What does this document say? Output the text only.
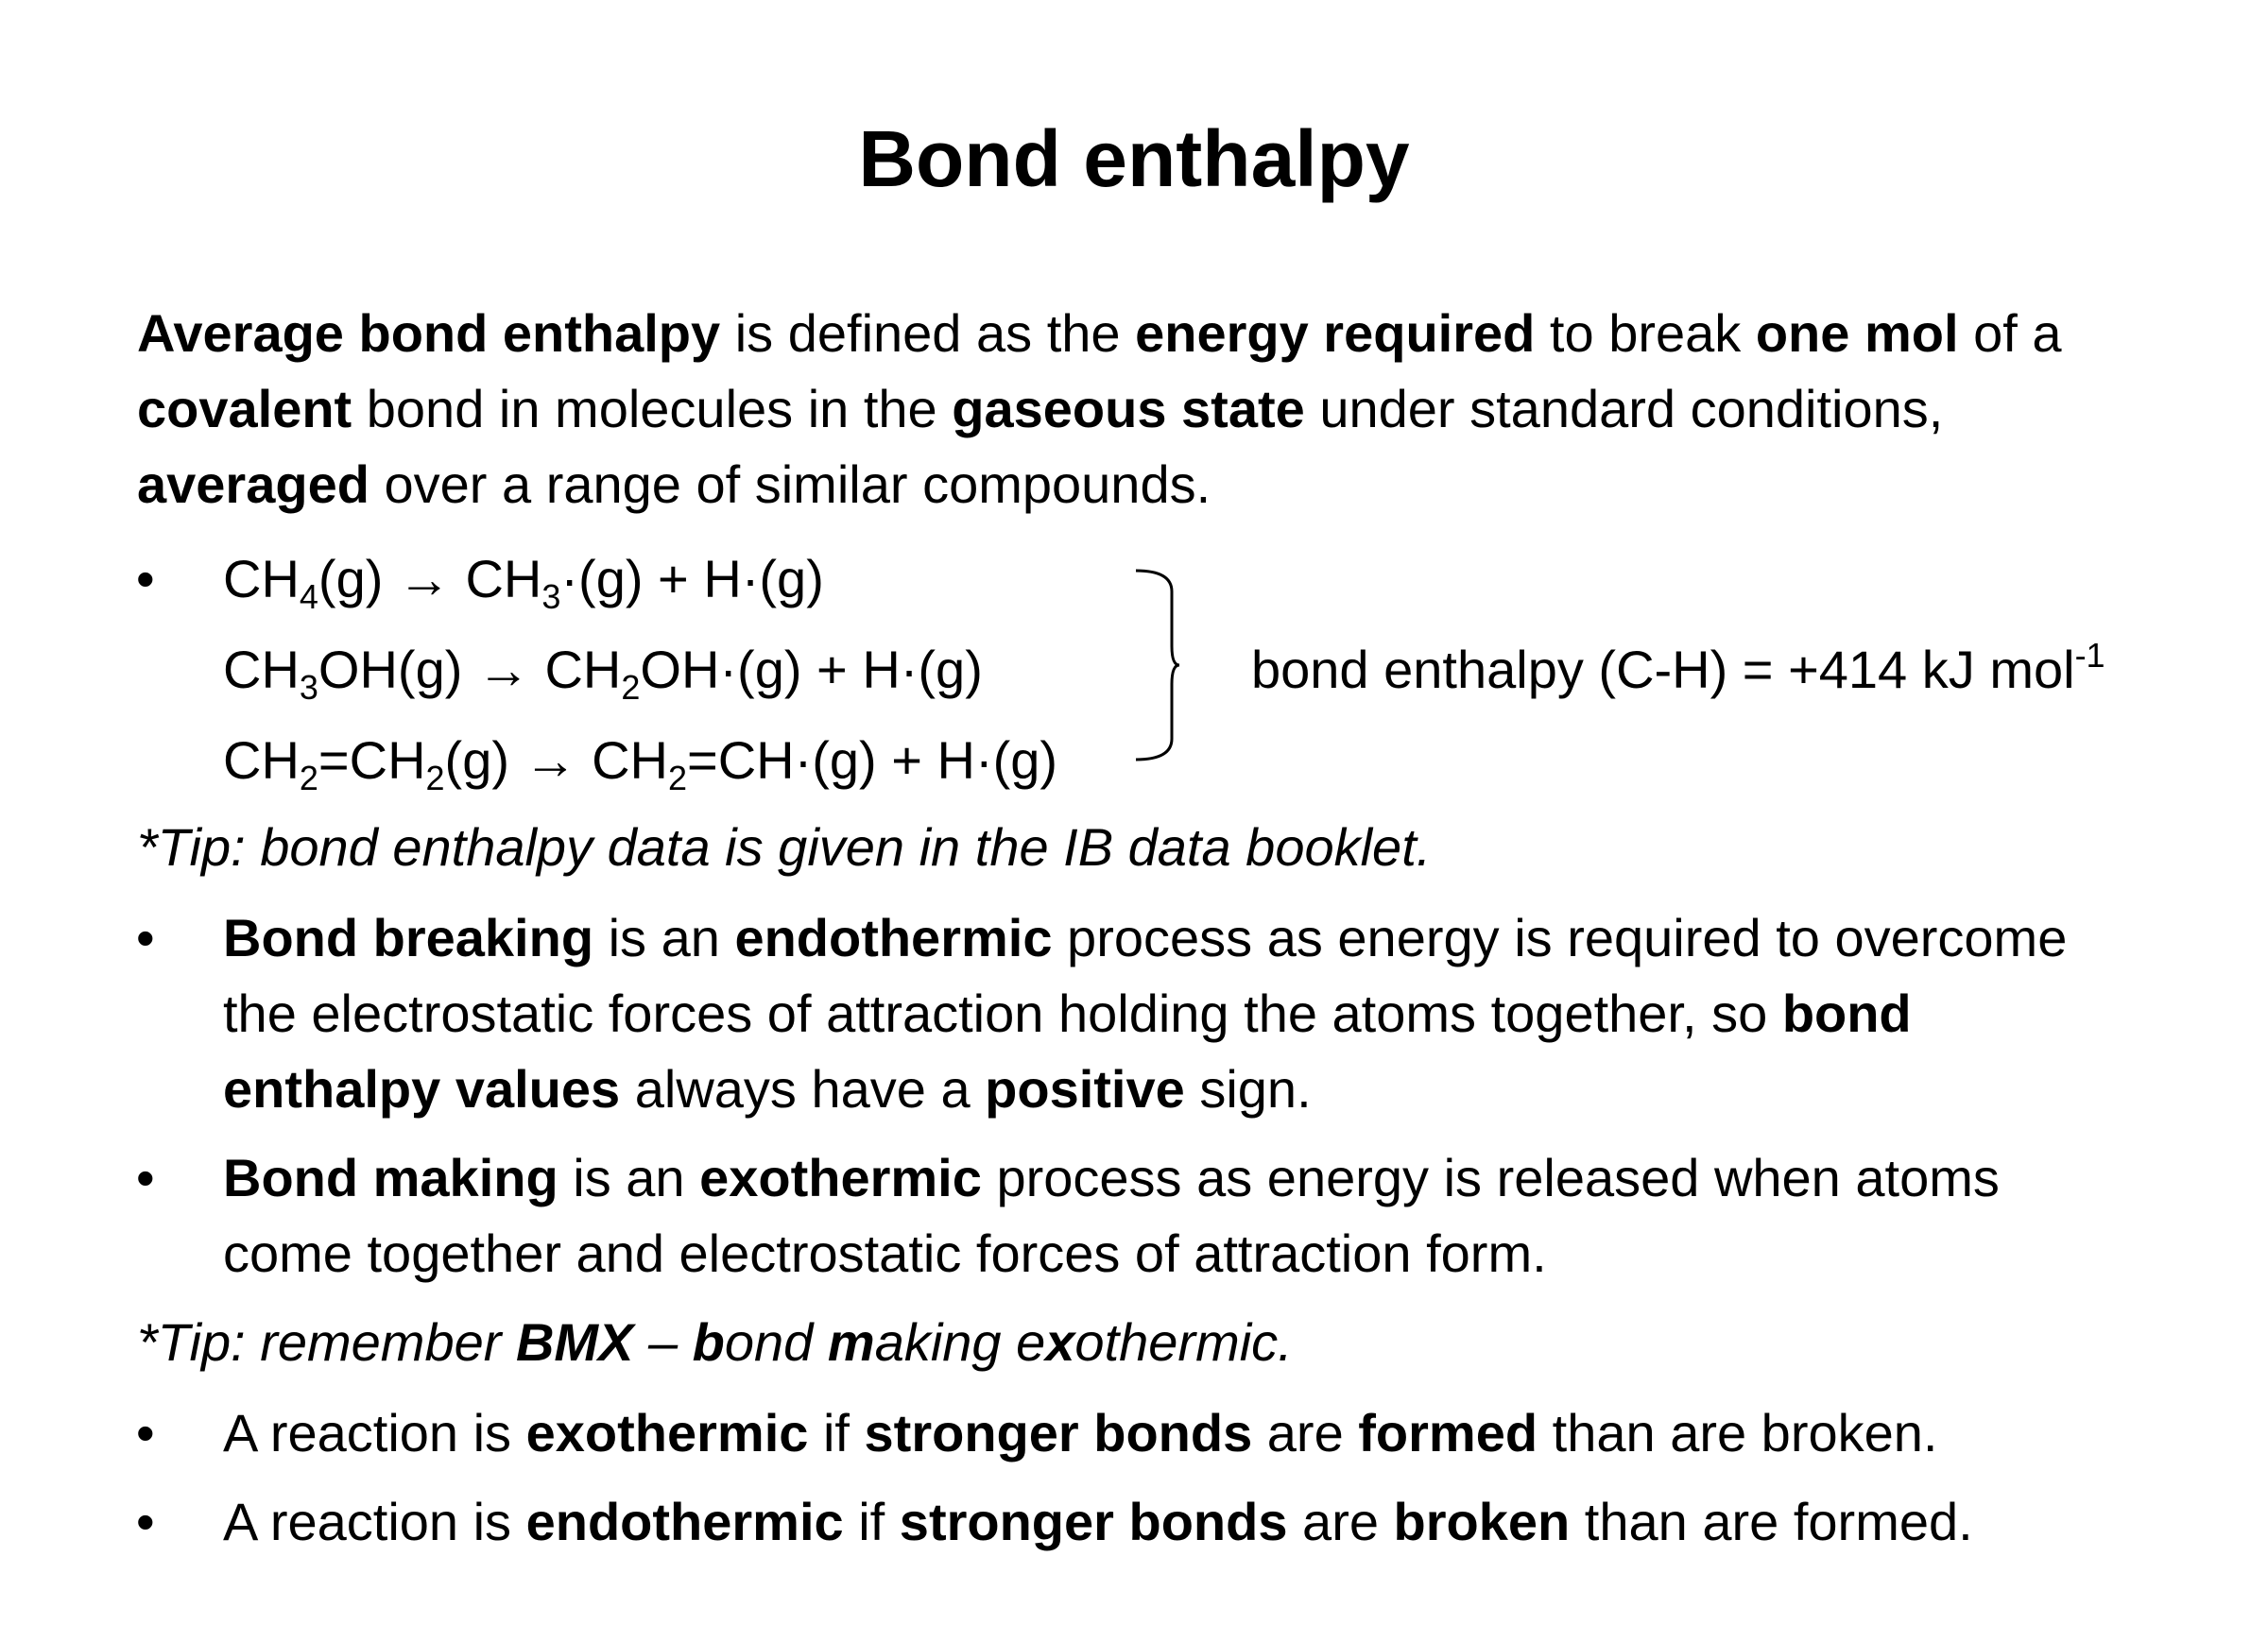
Bond enthalpy
Average bond enthalpy is defined as the energy required to break one mol of a
covalent bond in molecules in the gaseous state under standard conditions,
averaged over a range of similar compounds.
• $CH_4(g) \to CH_3\cdot(g) + H\cdot(g)$
$CH_3OH(g) \to CH_2OH\cdot(g) + H\cdot(g)$
$CH_2=CH_2(g) \to CH_2=CH\cdot(g) + H\cdot(g)$
bond enthalpy (C-H) = +414 kJ mol$^{-1}$
*Tip: bond enthalpy data is given in the IB data booklet.
• Bond breaking is an endothermic process as energy is required to overcome
the electrostatic forces of attraction holding the atoms together, so bond
enthalpy values always have a positive sign.
• Bond making is an exothermic process as energy is released when atoms
come together and electrostatic forces of attraction form.
*Tip: remember BMX – bond making exothermic.
• A reaction is exothermic if stronger bonds are formed than are broken.
• A reaction is endothermic if stronger bonds are broken than are formed.
